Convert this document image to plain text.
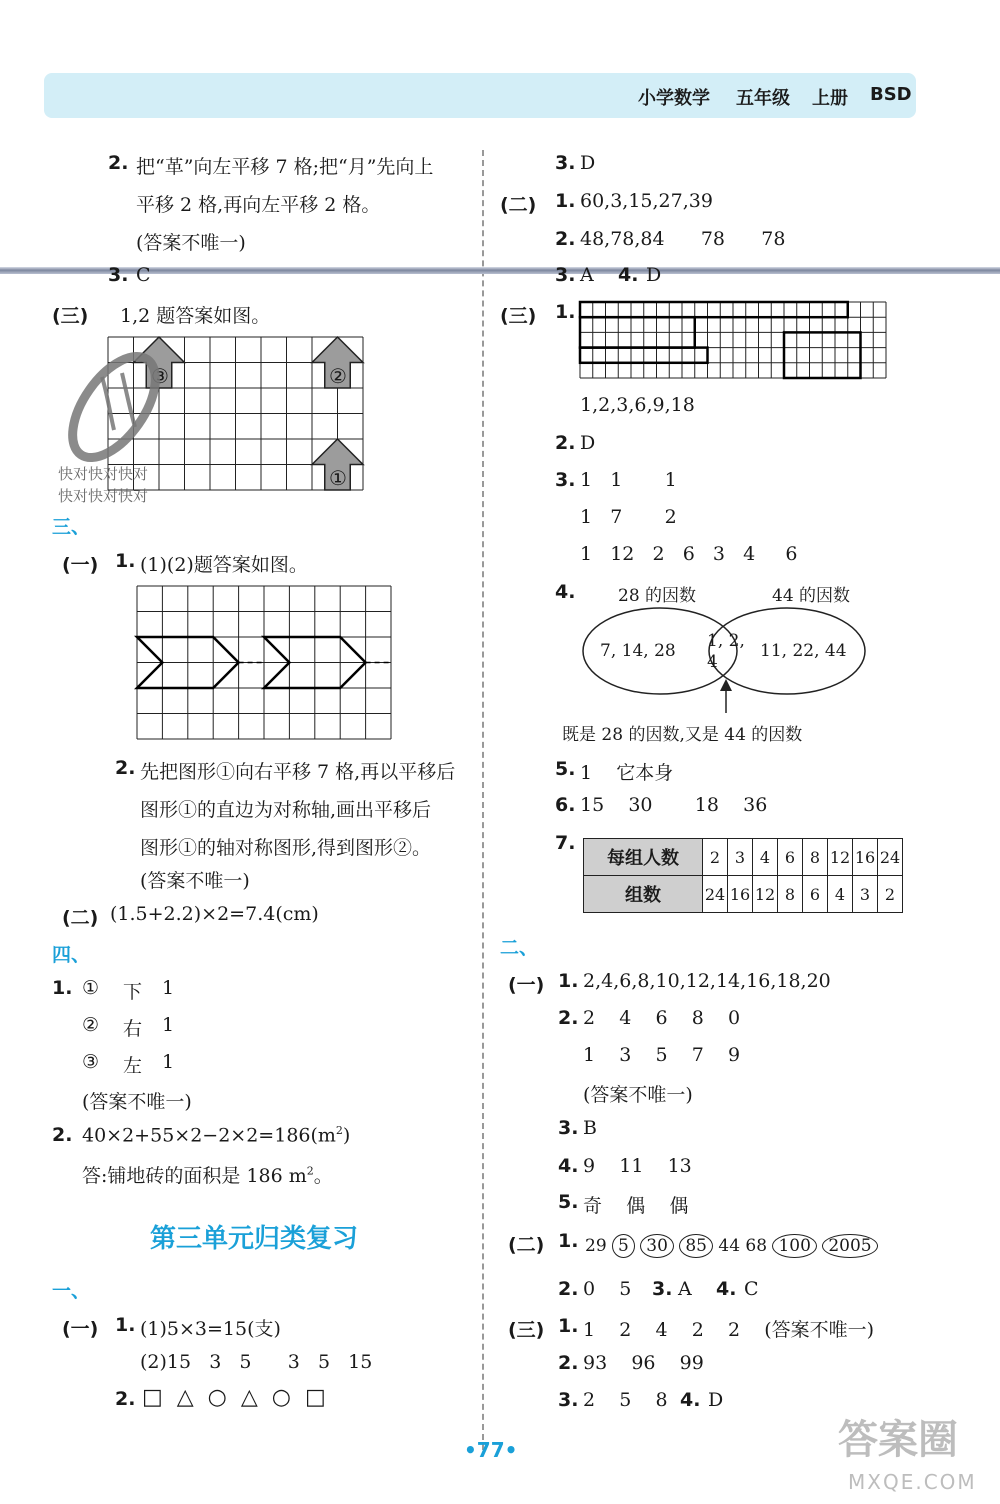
小学数学 五年级 上册 BSD
2. 把“革”向左平移 7 格;把“月”先向上
平移 2 格,再向左平移 2 格。
(答案不唯一)
3. C
(三) 1,2 题答案如图。
③	②
①
快对快对快对
快对快对快对
三、
(一) 1. (1)(2)题答案如图。
2. 先把图形①向右平移 7 格,再以平移后
图形①的直边为对称轴,画出平移后
图形①的轴对称图形,得到图形②。
(答案不唯一)
(二) (1.5+2.2)×2=7.4(cm)
四、
1. ① 下 1
② 右 1
③ 左 1
(答案不唯一)
2. $40\times 2+55\times 2-2\times 2=186(m^2)$
答:铺地砖的面积是 186 $m^2$。
第三单元归类复习
一、
(一) 1. (1)5×3=15(支)
(2)15   3   5      3   5   15
2. □  △  ○  △  ○  □
3. D
(二) 1. 60,3,15,27,39
2. 48,78,84      78      78
3. A 4. D
(三) 1.
1,2,3,6,9,18
2. D
3. 1   1       1
1   7       2
1   12   2   6   3   4     6
4.	28 的因数	44 的因数
7, 14, 28 1, 2,
4
11, 22, 44
既是 28 的因数,又是 44 的因数
5. 1    它本身
6. 15    30       18    36
7.
每组人数	2	3	4	6	8	12	16	24
组数	24	16	12	8	6	4	3	2
二、
(一) 1. 2,4,6,8,10,12,14,16,18,20
2. 2    4    6    8    0
1    3    5    7    9
(答案不唯一)
3. B
4. 9    11    13
5. 奇    偶    偶
(二) 1. 29 5 30 85 44 68 100 2005
2. 0    5 3. A 4. C
(三) 1. 1    2    4    2    2    (答案不唯一)
2. 93    96    99
3. 2    5    8 4. D
•77•	答案圈
MXQE.COM
